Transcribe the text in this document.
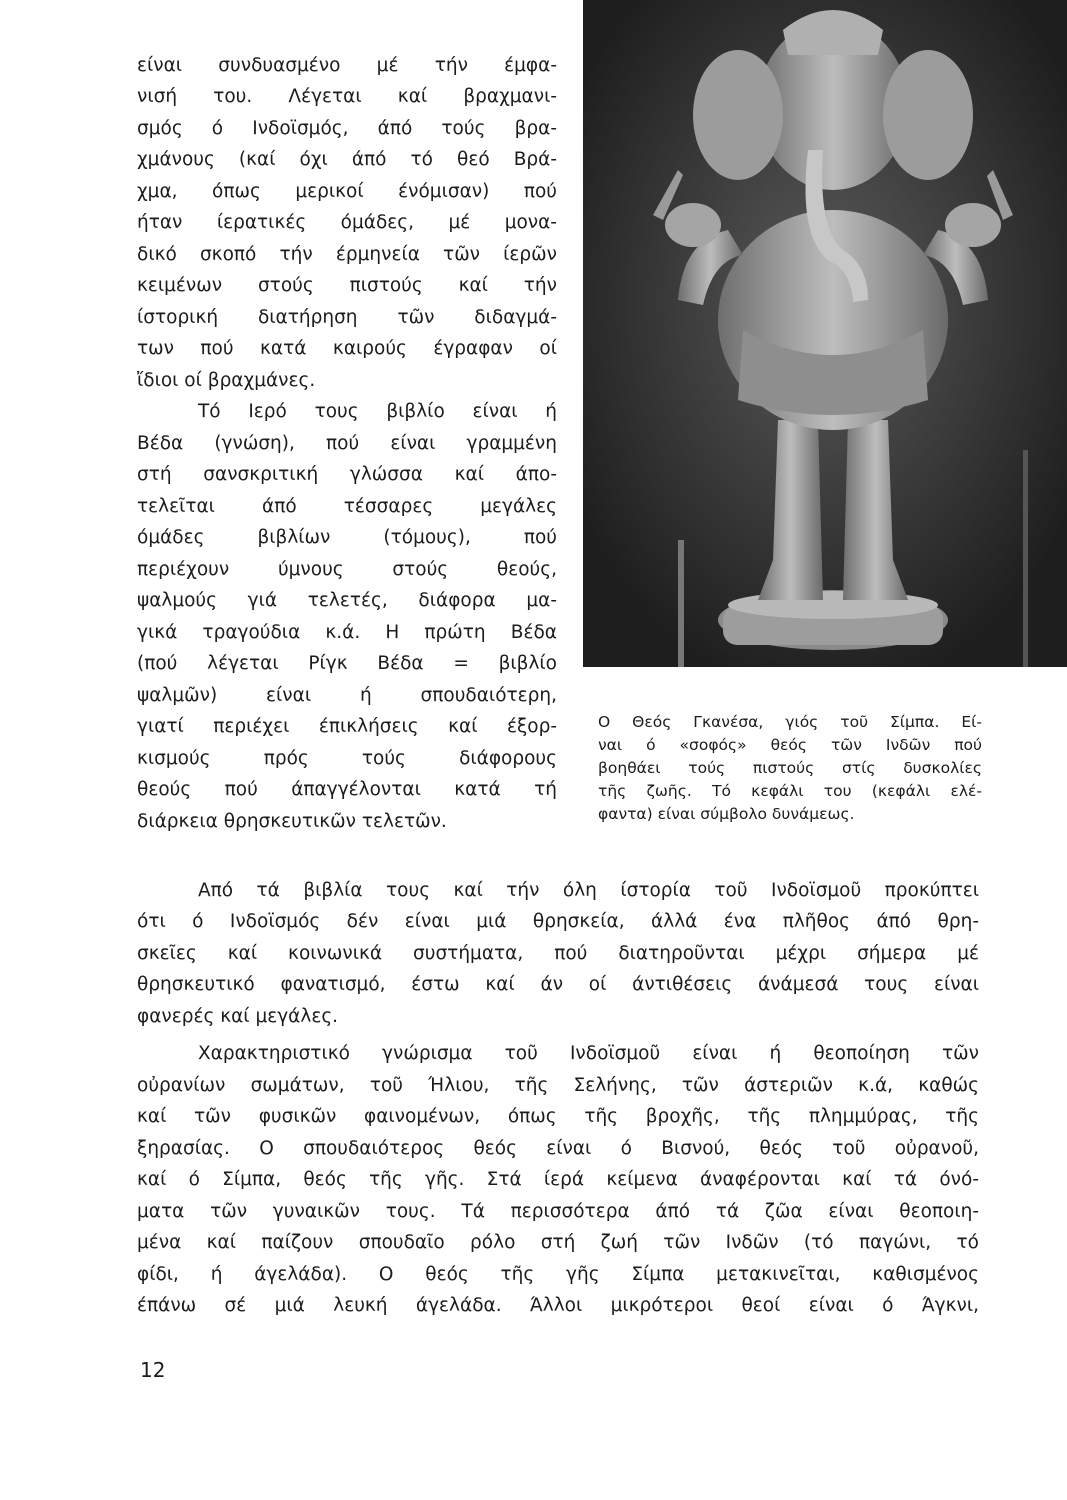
είναι συνδυασμένο μέ τήν έμφα-
νισή του. Λέγεται καί βραχμανι-
σμός ό Ινδοϊσμός, άπό τούς βρα-
χμάνους (καί όχι άπό τό θεό Βρά-
χμα, όπως μερικοί ένόμισαν) πού
ήταν ίερατικές όμάδες, μέ μονα-
δικό σκοπό τήν έρμηνεία τῶν ίερῶν
κειμένων στούς πιστούς καί τήν
ίστορική διατήρηση τῶν διδαγμά-
των πού κατά καιρούς έγραφαν οί
ἴδιοι οί βραχμάνες.
Τό Ιερό τους βιβλίο είναι ή
Βέδα (γνώση), πού είναι γραμμένη
στή σανσκριτική γλώσσα καί άπο-
τελεῖται άπό τέσσαρες μεγάλες
όμάδες βιβλίων (τόμους), πού
περιέχουν ύμνους στούς θεούς,
ψαλμούς γιά τελετές, διάφορα μα-
γικά τραγούδια κ.ά. Η πρώτη Βέδα
(πού λέγεται Ρίγκ Βέδα = βιβλίο
ψαλμῶν) είναι ή σπουδαιότερη,
γιατί περιέχει έπικλήσεις καί έξορ-
κισμούς πρός τούς διάφορους
θεούς πού άπαγγέλονται κατά τή
διάρκεια θρησκευτικῶν τελετῶν.
Ο Θεός Γκανέσα, γιός τοῦ Σίμπα. Εί-
ναι ό «σοφός» θεός τῶν Ινδῶν πού
βοηθάει τούς πιστούς στίς δυσκολίες
τῆς ζωῆς. Τό κεφάλι του (κεφάλι ελέ-
φαντα) είναι σύμβολο δυνάμεως.
Από τά βιβλία τους καί τήν όλη ίστορία τοῦ Ινδοϊσμοῦ προκύπτει
ότι ό Ινδοϊσμός δέν είναι μιά θρησκεία, άλλά ένα πλῆθος άπό θρη-
σκεῖες καί κοινωνικά συστήματα, πού διατηροῦνται μέχρι σήμερα μέ
θρησκευτικό φανατισμό, έστω καί άν οί άντιθέσεις άνάμεσά τους είναι
φανερές καί μεγάλες.
Χαρακτηριστικό γνώρισμα τοῦ Ινδοϊσμοῦ είναι ή θεοποίηση τῶν
οὐρανίων σωμάτων, τοῦ Ήλιου, τῆς Σελήνης, τῶν άστεριῶν κ.ά, καθώς
καί τῶν φυσικῶν φαινομένων, όπως τῆς βροχῆς, τῆς πλημμύρας, τῆς
ξηρασίας. Ο σπουδαιότερος θεός είναι ό Βισνού, θεός τοῦ οὐρανοῦ,
καί ό Σίμπα, θεός τῆς γῆς. Στά ίερά κείμενα άναφέρονται καί τά όνό-
ματα τῶν γυναικῶν τους. Τά περισσότερα άπό τά ζῶα είναι θεοποιη-
μένα καί παίζουν σπουδαῖο ρόλο στή ζωή τῶν Ινδῶν (τό παγώνι, τό
φίδι, ή άγελάδα). Ο θεός τῆς γῆς Σίμπα μετακινεῖται, καθισμένος
έπάνω σέ μιά λευκή άγελάδα. Άλλοι μικρότεροι θεοί είναι ό Άγκνι,
12
